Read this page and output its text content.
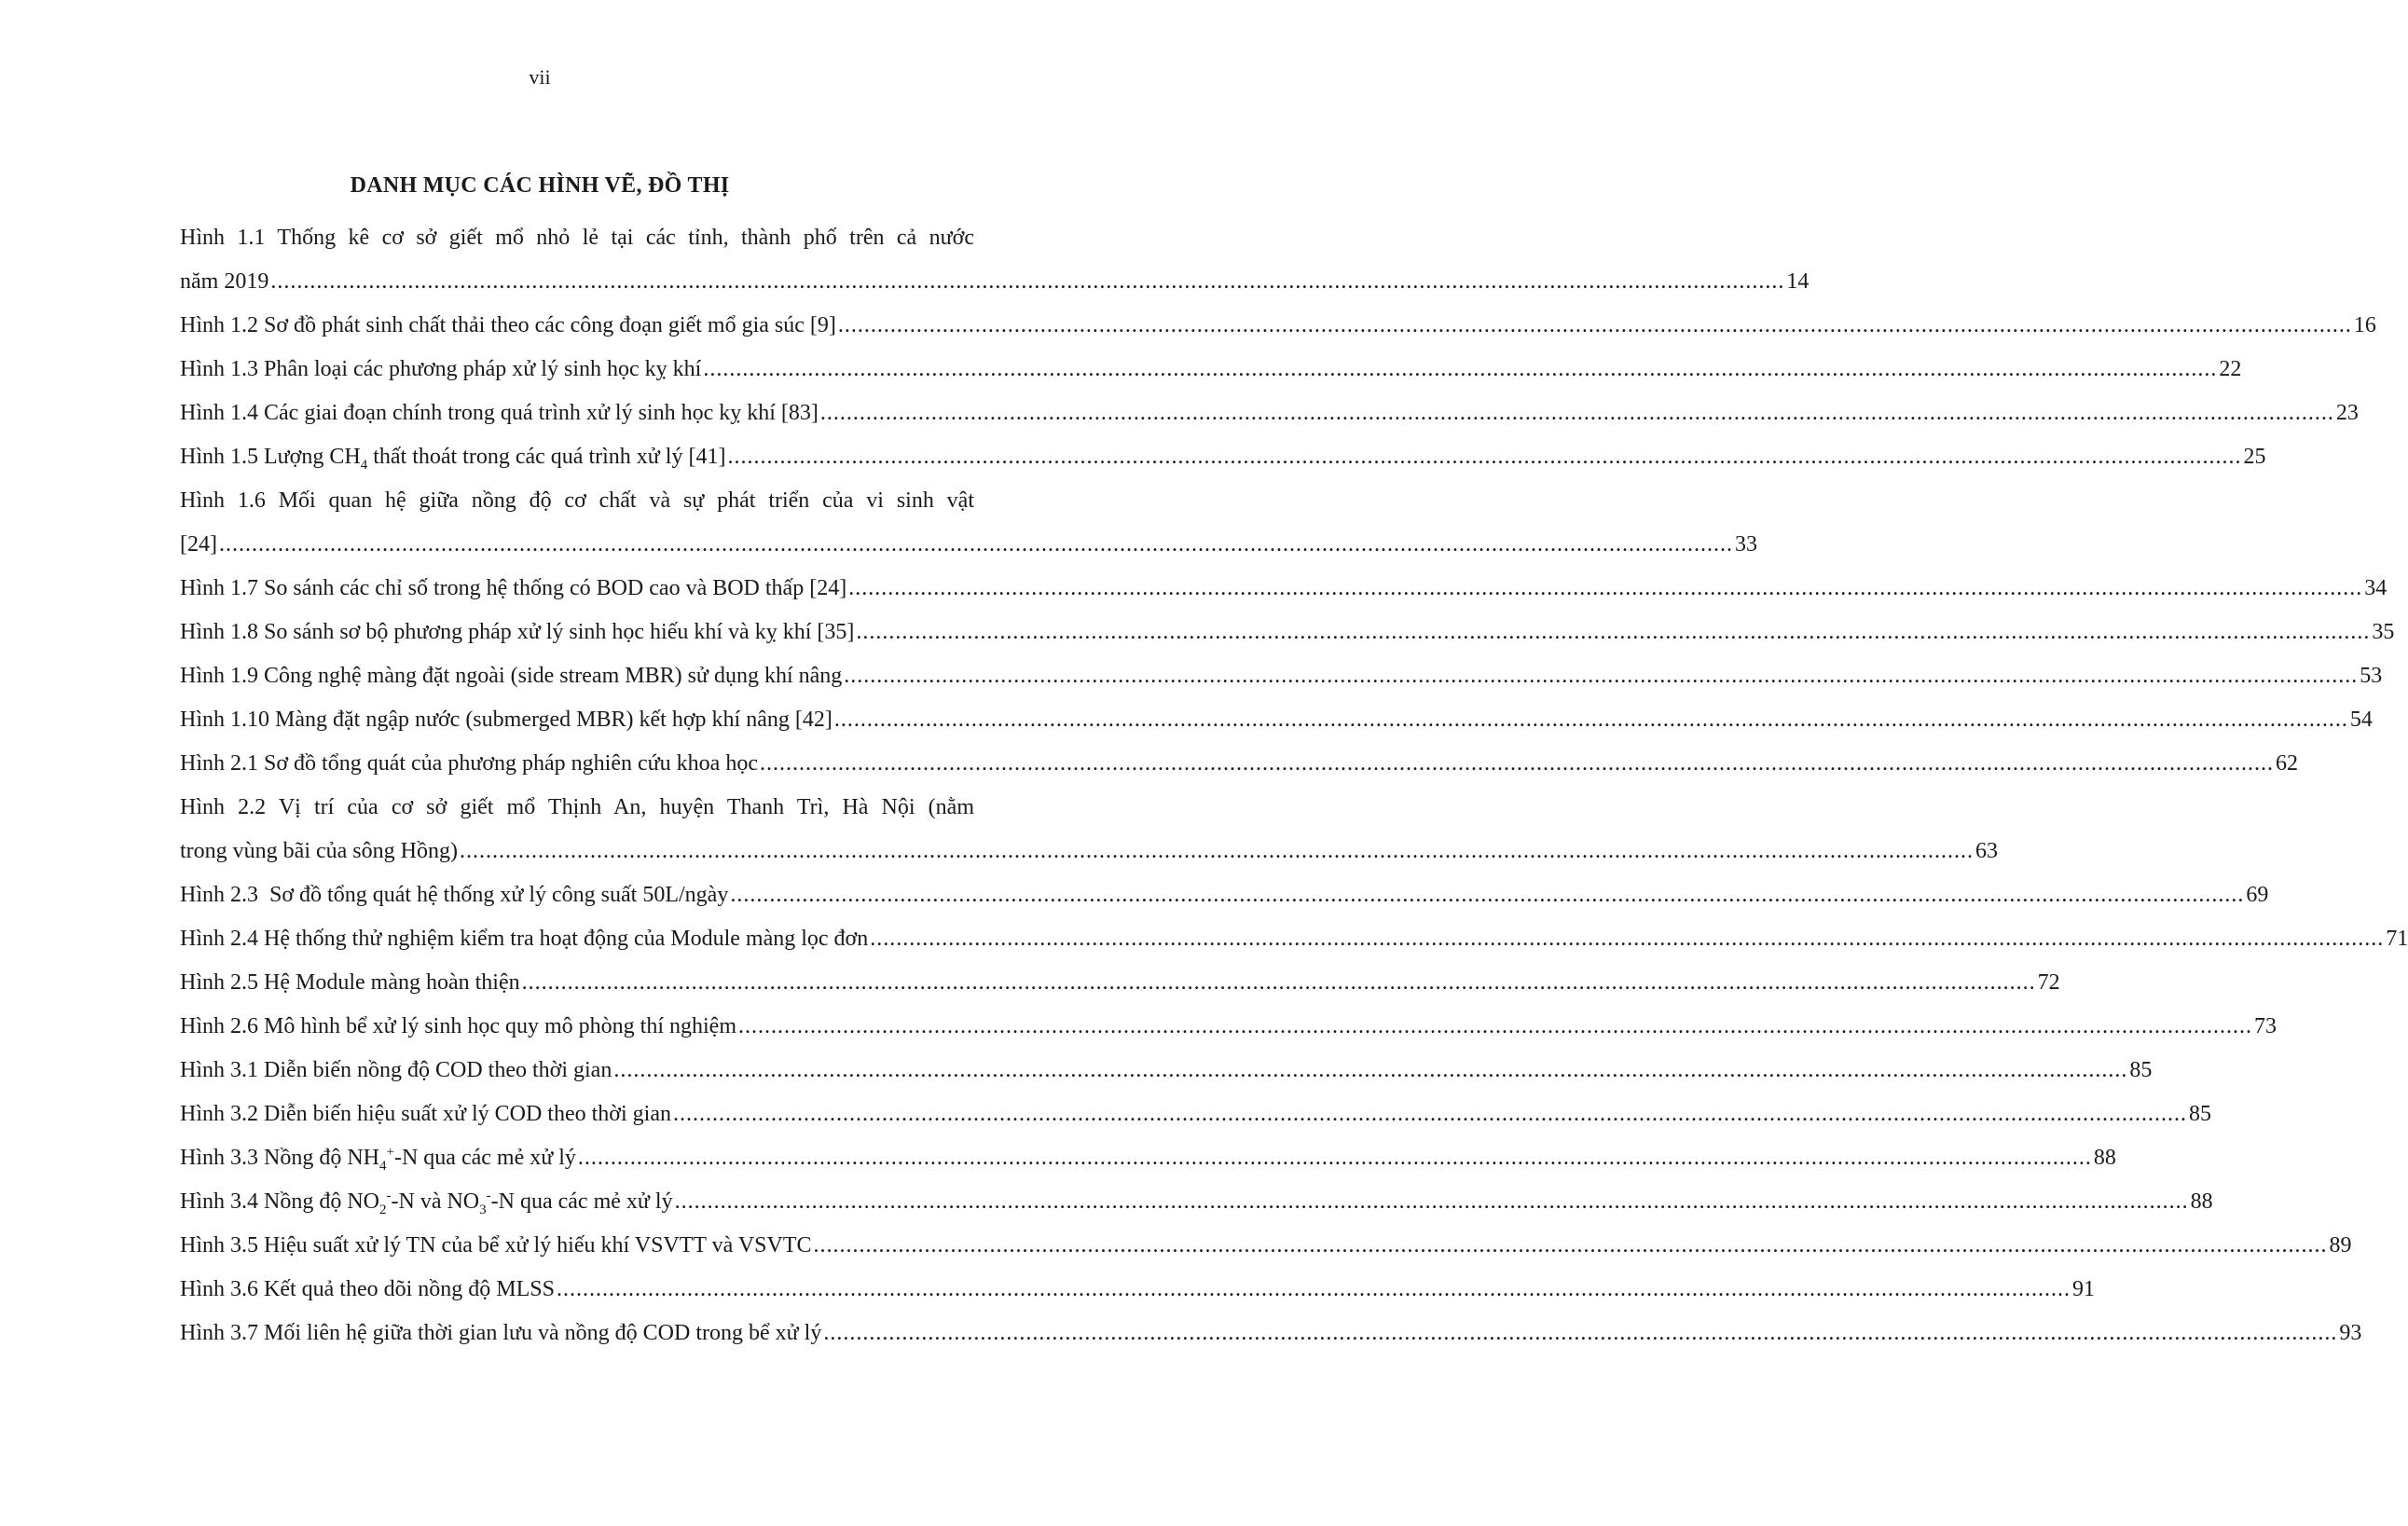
vii
DANH MỤC CÁC HÌNH VẼ, ĐỒ THỊ
Hình 1.1 Thống kê cơ sở giết mổ nhỏ lẻ tại các tỉnh, thành phố trên cả nước
năm 2019 .....	14
Hình 1.2 Sơ đồ phát sinh chất thải theo các công đoạn giết mổ gia súc [9] .....	16
Hình 1.3 Phân loại các phương pháp xử lý sinh học kỵ khí .....	22
Hình 1.4 Các giai đoạn chính trong quá trình xử lý sinh học kỵ khí [83] .....	23
Hình 1.5 Lượng $CH_4$ thất thoát trong các quá trình xử lý [41] .....	25
Hình 1.6 Mối quan hệ giữa nồng độ cơ chất và sự phát triển của vi sinh vật
[24] .....	33
Hình 1.7 So sánh các chỉ số trong hệ thống có BOD cao và BOD thấp [24] .....	34
Hình 1.8 So sánh sơ bộ phương pháp xử lý sinh học hiếu khí và kỵ khí [35] .....	35
Hình 1.9 Công nghệ màng đặt ngoài (side stream MBR) sử dụng khí nâng .....	53
Hình 1.10 Màng đặt ngập nước (submerged MBR) kết hợp khí nâng [42] .....	54
Hình 2.1 Sơ đồ tổng quát của phương pháp nghiên cứu khoa học .....	62
Hình 2.2 Vị trí của cơ sở giết mổ Thịnh An, huyện Thanh Trì, Hà Nội (nằm
trong vùng bãi của sông Hồng) .....	63
Hình 2.3  Sơ đồ tổng quát hệ thống xử lý công suất 50L/ngày .....	69
Hình 2.4 Hệ thống thử nghiệm kiểm tra hoạt động của Module màng lọc đơn .....	71
Hình 2.5 Hệ Module màng hoàn thiện .....	72
Hình 2.6 Mô hình bể xử lý sinh học quy mô phòng thí nghiệm .....	73
Hình 3.1 Diễn biến nồng độ COD theo thời gian .....	85
Hình 3.2 Diễn biến hiệu suất xử lý COD theo thời gian .....	85
Hình 3.3 Nồng độ $NH_4^+-N$ qua các mẻ xử lý .....	88
Hình 3.4 Nồng độ $NO_2^--N$ và $NO_3^--N$ qua các mẻ xử lý .....	88
Hình 3.5 Hiệu suất xử lý TN của bể xử lý hiếu khí VSVTT và VSVTC .....	89
Hình 3.6 Kết quả theo dõi nồng độ MLSS .....	91
Hình 3.7 Mối liên hệ giữa thời gian lưu và nồng độ COD trong bể xử lý .....	93
